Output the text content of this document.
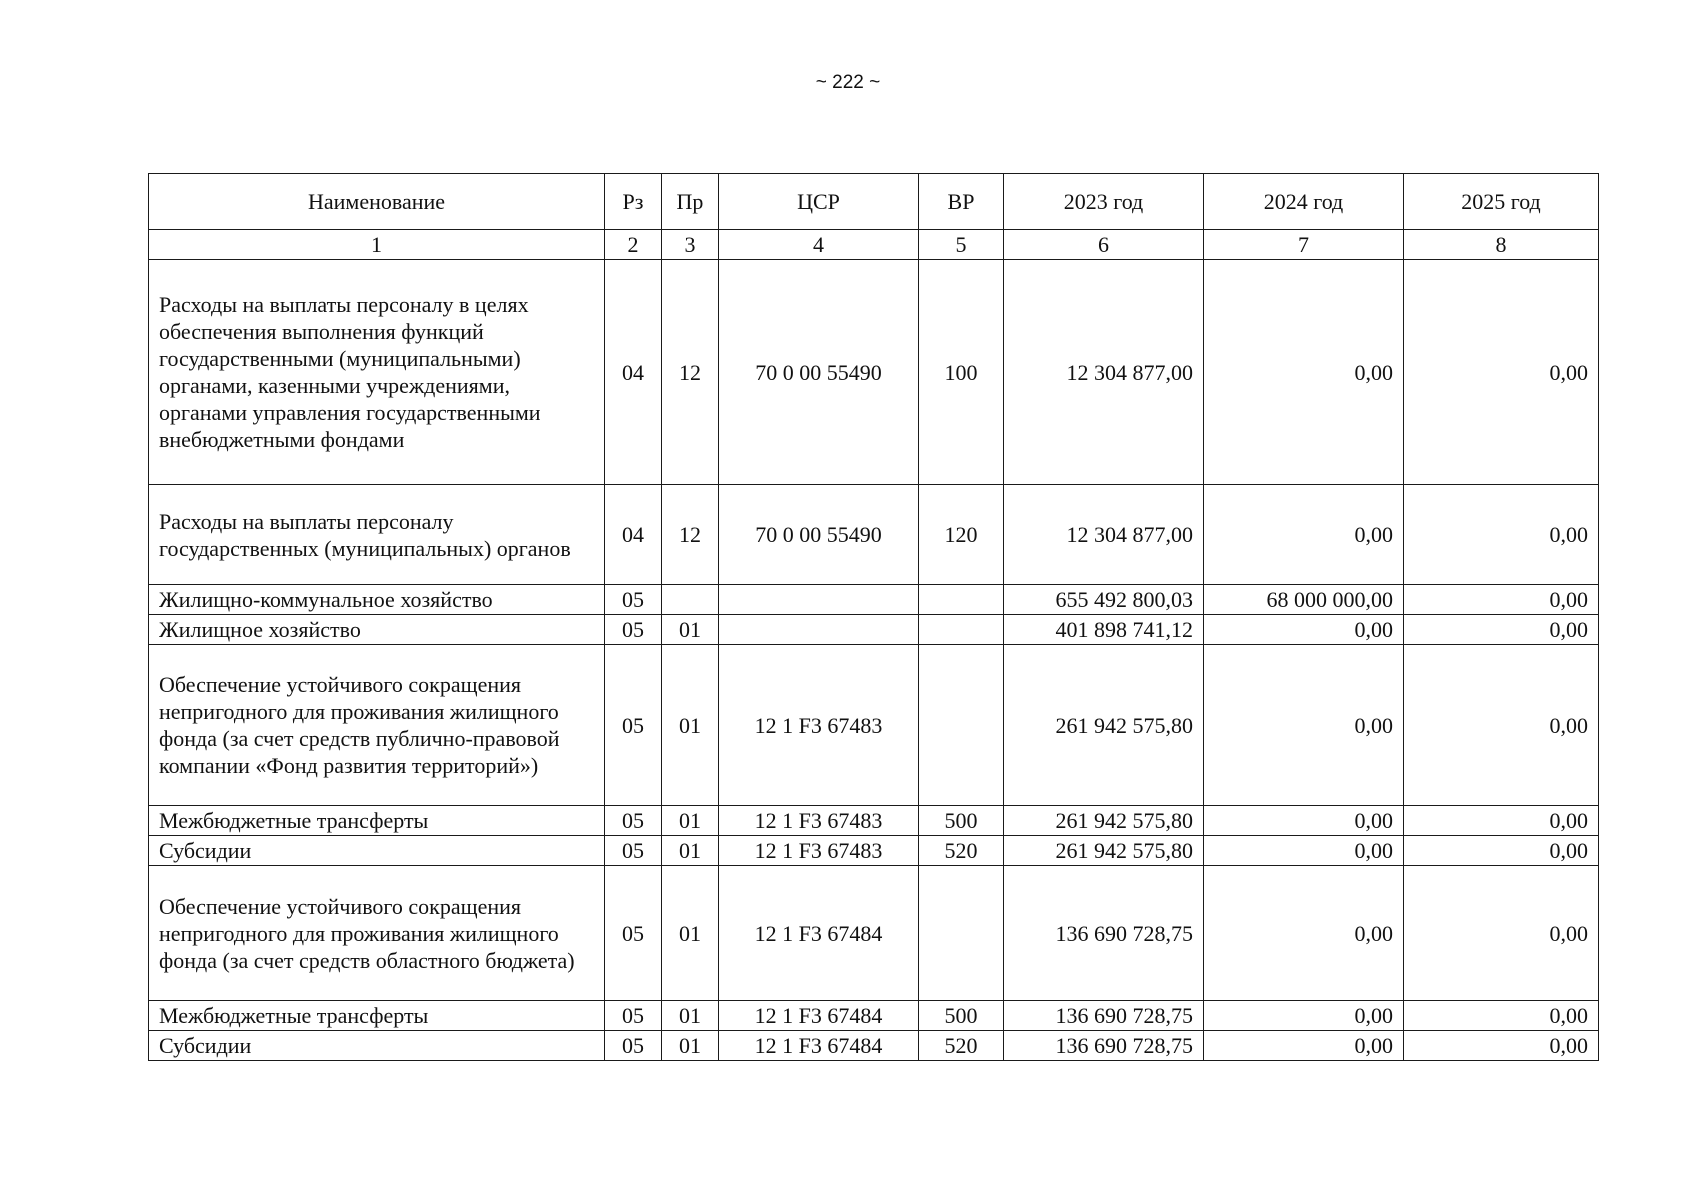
~ 222 ~
Наименование	Рз	Пр	ЦСР	ВР	2023 год	2024 год	2025 год
1	2	3	4	5	6	7	8
Расходы на выплаты персоналу в целях обеспечения выполнения функций государственными (муниципальными) органами, казенными учреждениями, органами управления государственными внебюджетными фондами	04	12	70 0 00 55490	100	12 304 877,00	0,00	0,00
Расходы на выплаты персоналу государственных (муниципальных) органов	04	12	70 0 00 55490	120	12 304 877,00	0,00	0,00
Жилищно-коммунальное хозяйство	05				655 492 800,03	68 000 000,00	0,00
Жилищное хозяйство	05	01			401 898 741,12	0,00	0,00
Обеспечение устойчивого сокращения непригодного для проживания жилищного фонда (за счет средств публично-правовой компании «Фонд развития территорий»)	05	01	12 1 F3 67483		261 942 575,80	0,00	0,00
Межбюджетные трансферты	05	01	12 1 F3 67483	500	261 942 575,80	0,00	0,00
Субсидии	05	01	12 1 F3 67483	520	261 942 575,80	0,00	0,00
Обеспечение устойчивого сокращения непригодного для проживания жилищного фонда (за счет средств областного бюджета)	05	01	12 1 F3 67484		136 690 728,75	0,00	0,00
Межбюджетные трансферты	05	01	12 1 F3 67484	500	136 690 728,75	0,00	0,00
Субсидии	05	01	12 1 F3 67484	520	136 690 728,75	0,00	0,00
